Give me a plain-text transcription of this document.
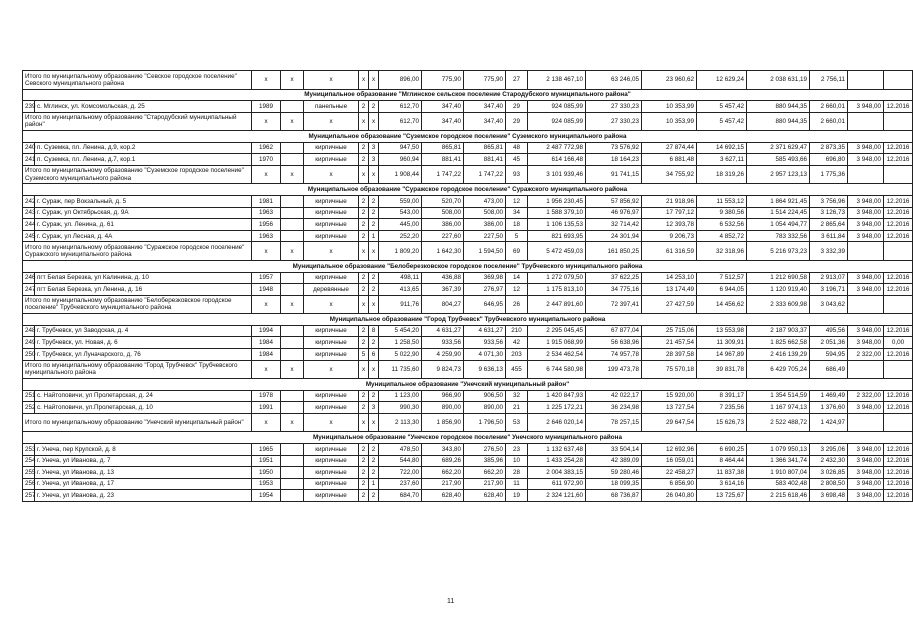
Итого по муниципальному образованию "Севское городское поселение" Севского муниципального района		x	x	x	x	x	896,00	775,90	775,90	27	2 138 467,10	63 246,05	23 960,62	12 629,24	2 038 631,19	2 756,11		
Муниципальное образование "Мглинское сельское поселение Стародубского муниципального района"																		
239	с. Мглинск, ул. Комсомольская, д. 25	1989		панельные	2	2	612,70	347,40	347,40	29	924 085,99	27 330,23	10 353,99	5 457,42	880 944,35	2 660,01	3 948,00	12.2016
Итого по муниципальному образованию "Стародубский муниципальный район"		x	x	x	x	x	612,70	347,40	347,40	29	924 085,99	27 330,23	10 353,99	5 457,42	880 944,35	2 660,01		
Муниципальное образование "Суземское городское поселение" Суземского муниципального района																		
240	п. Суземка, пл. Ленина, д.9, кор.2	1962		кирпичные	2	3	947,50	865,81	865,81	48	2 487 772,98	73 576,92	27 874,44	14 692,15	2 371 629,47	2 873,35	3 948,00	12.2016
241	п. Суземка, пл. Ленина, д.7, кор.1	1970		кирпичные	2	3	960,94	881,41	881,41	45	614 166,48	18 164,23	6 881,48	3 627,11	585 493,66	696,80	3 948,00	12.2016
Итого по муниципальному образованию "Суземское городское поселение" Суземского муниципального района		x	x	x	x	x	1 908,44	1 747,22	1 747,22	93	3 101 939,46	91 741,15	34 755,92	18 319,26	2 957 123,13	1 775,36		
Муниципальное образование "Суражское городское поселение" Суражского муниципального района																		
242	г. Сураж, пер Вокзальный, д. 5	1981		кирпичные	2	2	559,00	520,70	473,00	12	1 956 230,45	57 856,92	21 918,96	11 553,12	1 864 921,45	3 756,96	3 948,00	12.2016
243	г. Сураж, ул Октябрьская, д. 9А	1963		кирпичные	2	2	543,00	508,00	508,00	34	1 588 379,10	46 976,97	17 797,12	9 380,56	1 514 224,45	3 126,73	3 948,00	12.2016
244	г. Сураж, ул. Ленина, д. 61	1956		кирпичные	2	2	445,00	386,00	386,00	18	1 106 135,53	32 714,42	12 393,78	6 532,56	1 054 494,77	2 865,64	3 948,00	12.2016
245	г. Сураж, ул Лесная, д. 4А	1963		кирпичные	2	1	252,20	227,60	227,50	5	821 693,95	24 301,94	9 206,73	4 852,72	783 332,56	3 611,84	3 948,00	12.2016
Итого по муниципальному образованию "Суражское городское поселение" Суражского муниципального района		x	x	x	x	x	1 809,20	1 642,30	1 594,50	69	5 472 459,03	161 850,25	61 316,59	32 318,96	5 216 973,23	3 332,39		
Муниципальное образование "Белоберезковское городское поселение" Трубчевского муниципального района																		
246	пгт Белая Березка, ул Калинина, д. 10	1957		кирпичные	2	2	498,11	436,88	369,98	14	1 272 079,50	37 622,25	14 253,10	7 512,57	1 212 690,58	2 913,07	3 948,00	12.2016
247	пгт Белая Березка, ул Ленина, д. 16	1948		деревянные	2	2	413,65	367,39	276,97	12	1 175 813,10	34 775,16	13 174,49	6 944,05	1 120 919,40	3 196,71	3 948,00	12.2016
Итого по муниципальному образованию "Белоберезковское городское поселение" Трубчевского муниципального района		x	x	x	x	x	911,76	804,27	646,95	26	2 447 891,60	72 397,41	27 427,59	14 456,62	2 333 609,98	3 043,62		
Муниципальное образование "Город Трубчевск" Трубчевского муниципального района																		
248	г. Трубчевск, ул Заводская, д. 4	1994		кирпичные	2	8	5 454,20	4 631,27	4 631,27	210	2 295 045,45	67 877,04	25 715,06	13 553,98	2 187 903,37	495,56	3 948,00	12.2016
249	г. Трубчевск, ул. Новая, д. 6	1984		кирпичные	2	2	1 258,50	933,56	933,56	42	1 915 068,99	56 638,96	21 457,54	11 309,91	1 825 662,58	2 051,36	3 948,00	0,00
250	г. Трубчевск, ул Луначарского, д. 76	1984		кирпичные	5	6	5 022,90	4 259,90	4 071,30	203	2 534 462,54	74 957,78	28 397,58	14 967,89	2 416 139,29	594,95	2 322,00	12.2016
Итого по муниципальному образованию "Город Трубчевск" Трубчевского муниципального района		x	x	x	x	x	11 735,60	9 824,73	9 636,13	455	6 744 580,98	199 473,78	75 570,18	39 831,78	6 429 705,24	686,49		
Муниципальное образование "Унечский муниципальный район"																		
251	с. Найтоповичи, ул Пролетарская, д. 24	1978		кирпичные	2	2	1 123,00	966,90	906,50	32	1 420 847,93	42 022,17	15 920,00	8 391,17	1 354 514,59	1 469,49	2 322,00	12.2016
252	с. Найтоповичи, ул.Пролетарская, д. 10	1991		кирпичные	2	3	990,30	890,00	890,00	21	1 225 172,21	36 234,98	13 727,54	7 235,56	1 167 974,13	1 376,60	3 948,00	12.2016
Итого по муниципальному образованию "Унечский муниципальный район"		x	x	x	x	x	2 113,30	1 856,90	1 796,50	53	2 646 020,14	78 257,15	29 647,54	15 626,73	2 522 488,72	1 424,97		
Муниципальное образование "Унечское городское поселение" Унечского муниципального района																		
253	г. Унеча, пер Крупской, д. 8	1965		кирпичные	2	2	478,50	343,80	276,50	23	1 132 637,48	33 504,14	12 692,96	6 690,25	1 079 950,13	3 295,06	3 948,00	12.2016
254	г. Унеча, ул Иванова, д. 7	1951		кирпичные	2	2	544,80	689,26	385,96	10	1 433 254,28	42 389,09	16 059,01	8 464,44	1 366 341,74	2 432,30	3 948,00	12.2016
255	г. Унеча, ул Иванова, д. 13	1950		кирпичные	2	2	722,00	662,20	662,20	28	2 004 383,15	59 280,46	22 458,27	11 837,38	1 910 807,04	3 026,85	3 948,00	12.2016
256	г. Унеча, ул Иванова, д. 17	1953		кирпичные	2	1	237,60	217,90	217,90	11	611 972,90	18 099,35	6 856,90	3 614,16	583 402,48	2 808,50	3 948,00	12.2016
257	г. Унеча, ул Иванова, д. 23	1954		кирпичные	2	2	684,70	628,40	628,40	19	2 324 121,60	68 736,87	26 040,80	13 725,67	2 215 618,46	3 698,48	3 948,00	12.2016
11
